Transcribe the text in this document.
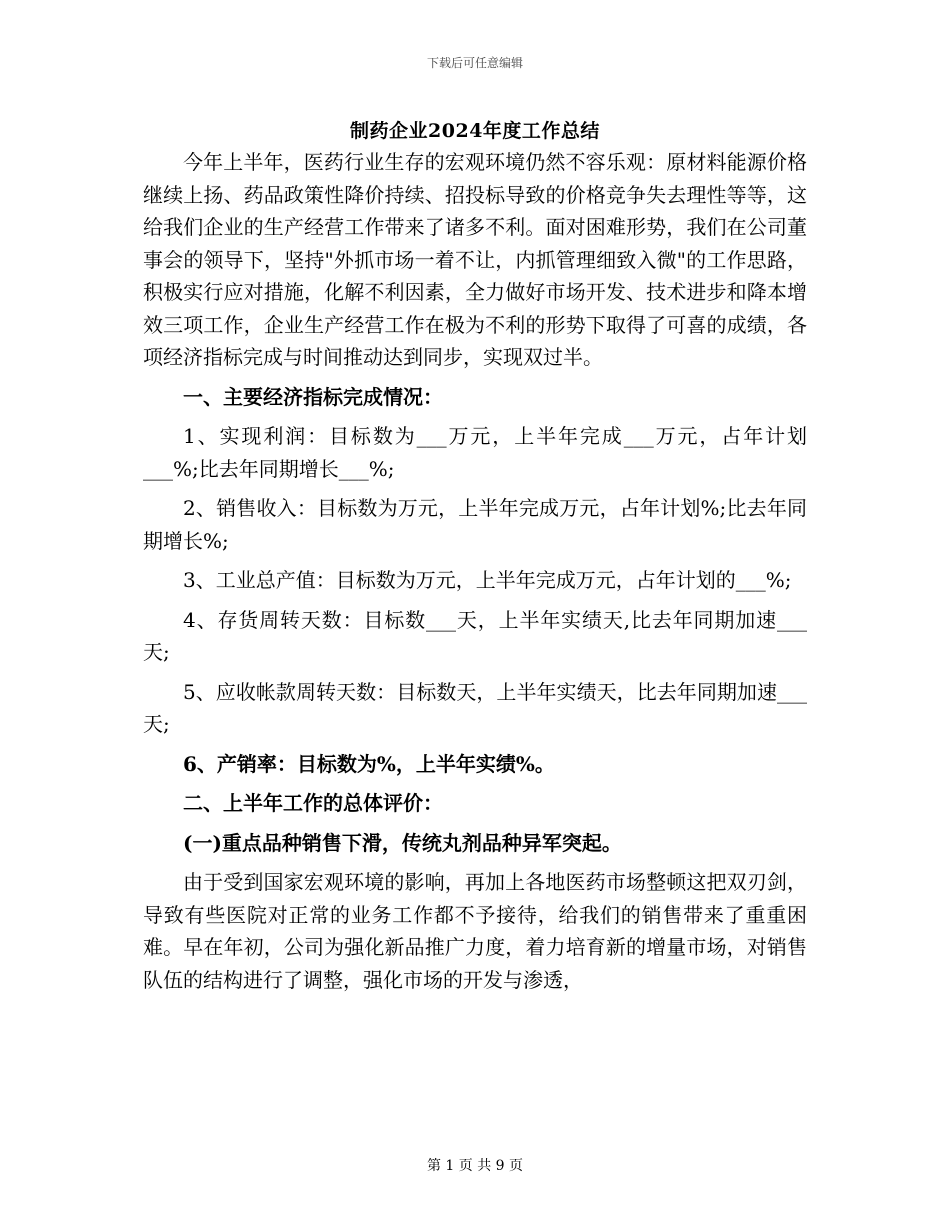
下载后可任意编辑
制药企业2024年度工作总结

今年上半年，医药行业生存的宏观环境仍然不容乐观：原材料能源价格继续上扬、药品政策性降价持续、招投标导致的价格竞争失去理性等等，这给我们企业的生产经营工作带来了诸多不利。面对困难形势，我们在公司董事会的领导下，坚持"外抓市场一着不让，内抓管理细致入微"的工作思路，积极实行应对措施，化解不利因素，全力做好市场开发、技术进步和降本增效三项工作，企业生产经营工作在极为不利的形势下取得了可喜的成绩，各项经济指标完成与时间推动达到同步，实现双过半。

一、主要经济指标完成情况：

1、实现利润：目标数为___万元，上半年完成___万元，占年计划___%;比去年同期增长___%;

2、销售收入：目标数为万元，上半年完成万元，占年计划%;比去年同期增长%;

3、工业总产值：目标数为万元，上半年完成万元，占年计划的___%;

4、存货周转天数：目标数___天，上半年实绩天,比去年同期加速___天;

5、应收帐款周转天数：目标数天，上半年实绩天，比去年同期加速___天;

6、产销率：目标数为%，上半年实绩%。

二、上半年工作的总体评价：

(一)重点品种销售下滑，传统丸剂品种异军突起。

由于受到国家宏观环境的影响，再加上各地医药市场整顿这把双刃剑，导致有些医院对正常的业务工作都不予接待，给我们的销售带来了重重困难。早在年初，公司为强化新品推广力度，着力培育新的增量市场，对销售队伍的结构进行了调整，强化市场的开发与渗透，

第 1 页 共 9 页
